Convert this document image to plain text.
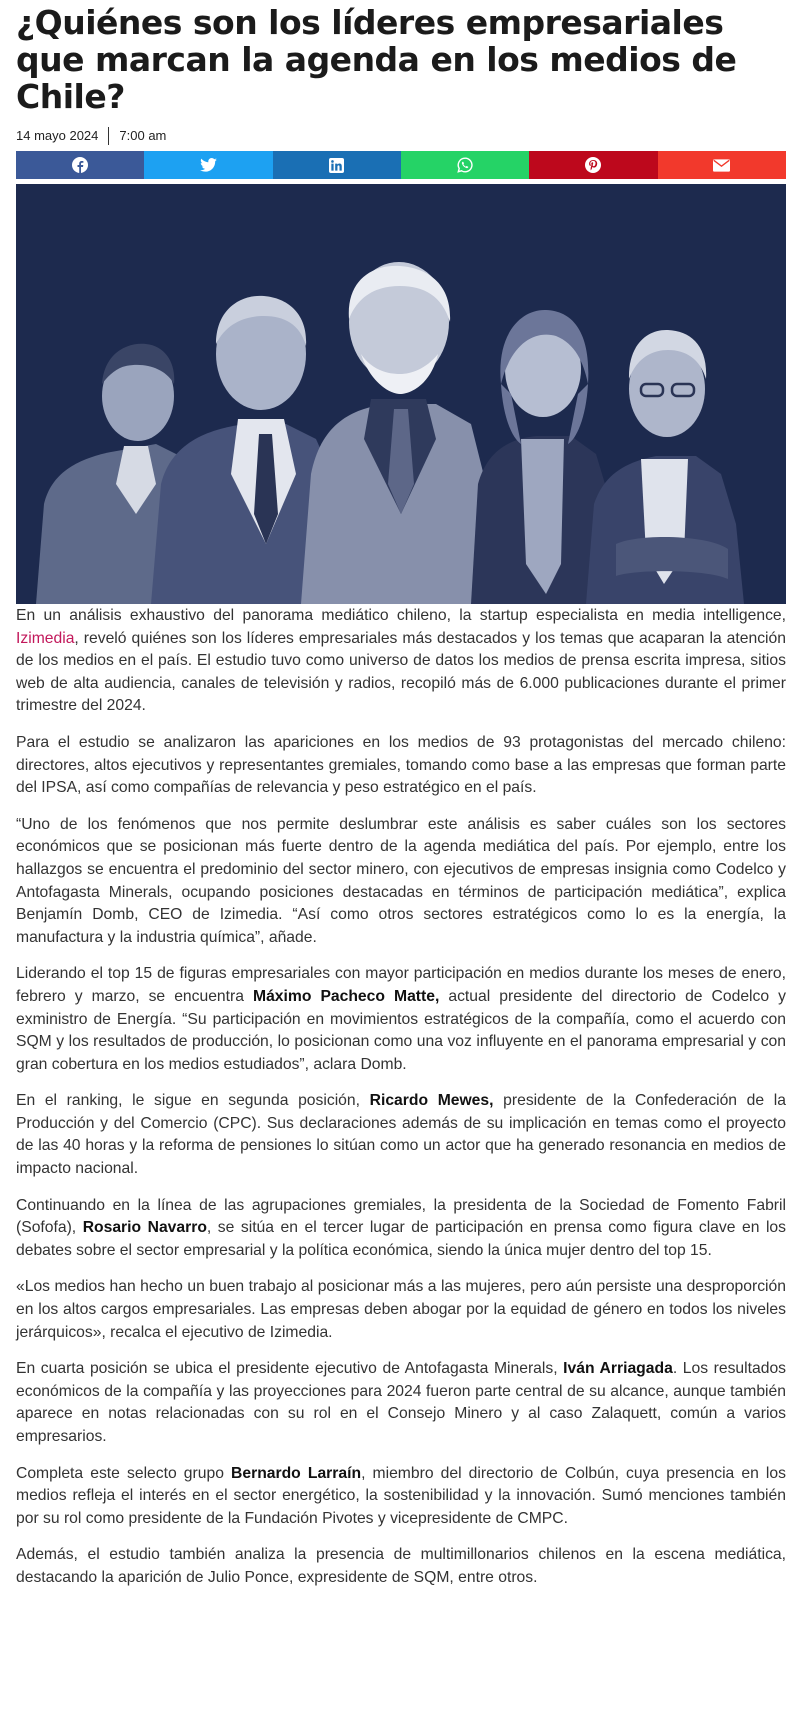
¿Quiénes son los líderes empresariales que marcan la agenda en los medios de Chile?
14 mayo 2024 7:00 am

En un análisis exhaustivo del panorama mediático chileno, la startup especialista en media intelligence, Izimedia, reveló quiénes son los líderes empresariales más destacados y los temas que acaparan la atención de los medios en el país. El estudio tuvo como universo de datos los medios de prensa escrita impresa, sitios web de alta audiencia, canales de televisión y radios, recopiló más de 6.000 publicaciones durante el primer trimestre del 2024.

Para el estudio se analizaron las apariciones en los medios de 93 protagonistas del mercado chileno: directores, altos ejecutivos y representantes gremiales, tomando como base a las empresas que forman parte del IPSA, así como compañías de relevancia y peso estratégico en el país.

“Uno de los fenómenos que nos permite deslumbrar este análisis es saber cuáles son los sectores económicos que se posicionan más fuerte dentro de la agenda mediática del país. Por ejemplo, entre los hallazgos se encuentra el predominio del sector minero, con ejecutivos de empresas insignia como Codelco y Antofagasta Minerals, ocupando posiciones destacadas en términos de participación mediática”, explica Benjamín Domb, CEO de Izimedia. “Así como otros sectores estratégicos como lo es la energía, la manufactura y la industria química”, añade.

Liderando el top 15 de figuras empresariales con mayor participación en medios durante los meses de enero, febrero y marzo, se encuentra Máximo Pacheco Matte, actual presidente del directorio de Codelco y exministro de Energía. “Su participación en movimientos estratégicos de la compañía, como el acuerdo con SQM y los resultados de producción, lo posicionan como una voz influyente en el panorama empresarial y con gran cobertura en los medios estudiados”, aclara Domb.

En el ranking, le sigue en segunda posición, Ricardo Mewes, presidente de la Confederación de la Producción y del Comercio (CPC). Sus declaraciones además de su implicación en temas como el proyecto de las 40 horas y la reforma de pensiones lo sitúan como un actor que ha generado resonancia en medios de impacto nacional.

Continuando en la línea de las agrupaciones gremiales, la presidenta de la Sociedad de Fomento Fabril (Sofofa), Rosario Navarro, se sitúa en el tercer lugar de participación en prensa como figura clave en los debates sobre el sector empresarial y la política económica, siendo la única mujer dentro del top 15.

«Los medios han hecho un buen trabajo al posicionar más a las mujeres, pero aún persiste una desproporción en los altos cargos empresariales. Las empresas deben abogar por la equidad de género en todos los niveles jerárquicos», recalca el ejecutivo de Izimedia.

En cuarta posición se ubica el presidente ejecutivo de Antofagasta Minerals, Iván Arriagada. Los resultados económicos de la compañía y las proyecciones para 2024 fueron parte central de su alcance, aunque también aparece en notas relacionadas con su rol en el Consejo Minero y al caso Zalaquett, común a varios empresarios.

Completa este selecto grupo Bernardo Larraín, miembro del directorio de Colbún, cuya presencia en los medios refleja el interés en el sector energético, la sostenibilidad y la innovación. Sumó menciones también por su rol como presidente de la Fundación Pivotes y vicepresidente de CMPC.

Además, el estudio también analiza la presencia de multimillonarios chilenos en la escena mediática, destacando la aparición de Julio Ponce, expresidente de SQM, entre otros.
